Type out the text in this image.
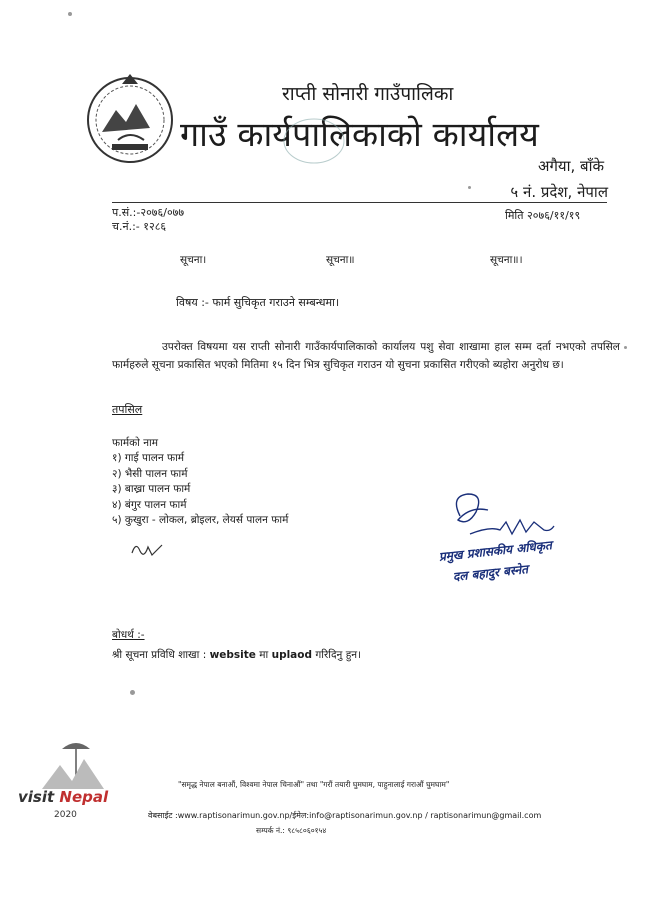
राप्ती सोनारी गाउँपालिका
गाउँ कार्यपालिकाको कार्यालय
अगैया, बाँके
५ नं. प्रदेश, नेपाल
प.सं.:-२०७६/०७७
च.नं.:- १२८६
मिति २०७६/११/१९
सूचना।	सूचना॥	सूचना॥।
विषय :- फार्म सुचिकृत गराउने सम्बन्धमा।
उपरोक्त विषयमा यस राप्ती सोनारी गाउँकार्यपालिकाको कार्यालय पशु सेवा शाखामा हाल सम्म दर्ता नभएको तपसिल फार्महरुले सूचना प्रकासित भएको मितिमा १५ दिन भित्र सुचिकृत गराउन यो सुचना प्रकासित गरीएको ब्यहोरा अनुरोध छ।
तपसिल
फार्मको नाम
१) गाई पालन फार्म
२) भैसी पालन फार्म
३) बाख्रा पालन फार्म
४) बंगुर पालन फार्म
५) कुखुरा - लोकल, ब्रोइलर, लेयर्स पालन फार्म
प्रमुख प्रशासकीय अधिकृत
दल बहादुर बस्नेत
बोधर्थ :-
श्री सूचना प्रविधि शाखा : website मा uplaod गरिदिनु हुन।
visit Nepal
2020
"समृद्ध नेपाल बनाऔं, विश्वमा नेपाल चिनाऔं" तथा "गरौं तयारी घुमघाम, पाहुनालाई गराऔं घुमघाम"
वेबसाईट :www.raptisonarimun.gov.np/ईमेल:info@raptisonarimun.gov.np / raptisonarimun@gmail.com
सम्पर्क नं.: ९८५८०६०१५४
